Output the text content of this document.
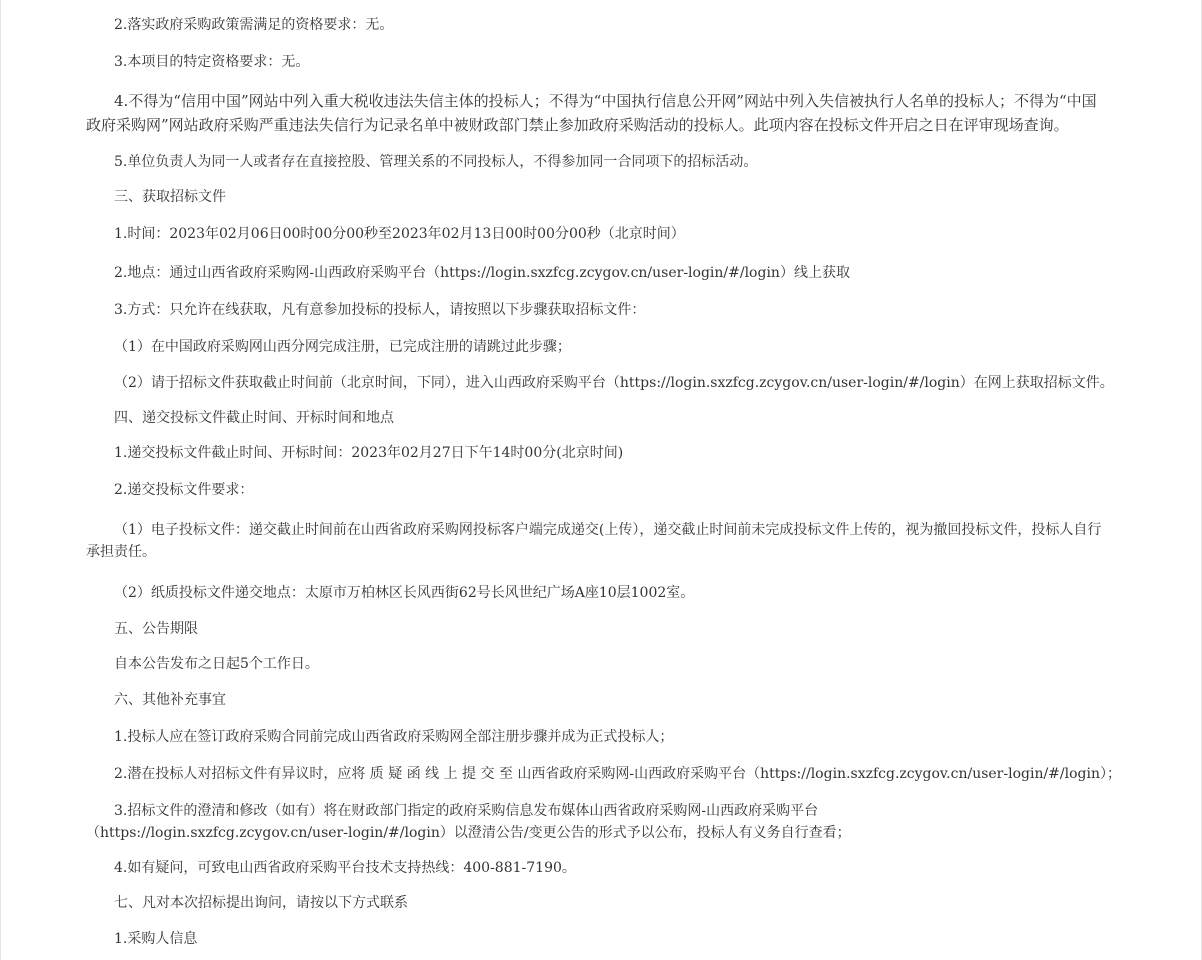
2.落实政府采购政策需满足的资格要求：无。
3.本项目的特定资格要求：无。
4.不得为“信用中国”网站中列入重大税收违法失信主体的投标人；不得为“中国执行信息公开网”网站中列入失信被执行人名单的投标人；不得为“中国政府采购网”网站政府采购严重违法失信行为记录名单中被财政部门禁止参加政府采购活动的投标人。此项内容在投标文件开启之日在评审现场查询。
5.单位负责人为同一人或者存在直接控股、管理关系的不同投标人，不得参加同一合同项下的招标活动。
三、获取招标文件
1.时间：2023年02月06日00时00分00秒至2023年02月13日00时00分00秒（北京时间）
2.地点：通过山西省政府采购网-山西政府采购平台（https://login.sxzfcg.zcygov.cn/user-login/#/login）线上获取
3.方式：只允许在线获取，凡有意参加投标的投标人，请按照以下步骤获取招标文件：
（1）在中国政府采购网山西分网完成注册，已完成注册的请跳过此步骤；
（2）请于招标文件获取截止时间前（北京时间，下同），进入山西政府采购平台（https://login.sxzfcg.zcygov.cn/user-login/#/login）在网上获取招标文件。
四、递交投标文件截止时间、开标时间和地点
1.递交投标文件截止时间、开标时间：2023年02月27日下午14时00分(北京时间)
2.递交投标文件要求：
（1）电子投标文件：递交截止时间前在山西省政府采购网投标客户端完成递交(上传），递交截止时间前未完成投标文件上传的，视为撤回投标文件，投标人自行承担责任。
（2）纸质投标文件递交地点：太原市万柏林区长风西街62号长风世纪广场A座10层1002室。
五、公告期限
自本公告发布之日起5个工作日。
六、其他补充事宜
1.投标人应在签订政府采购合同前完成山西省政府采购网全部注册步骤并成为正式投标人；
2.潜在投标人对招标文件有异议时，应将 质 疑 函 线 上 提 交 至 山西省政府采购网-山西政府采购平台（https://login.sxzfcg.zcygov.cn/user-login/#/login）；
3.招标文件的澄清和修改（如有）将在财政部门指定的政府采购信息发布媒体山西省政府采购网-山西政府采购平台（https://login.sxzfcg.zcygov.cn/user-login/#/login）以澄清公告/变更公告的形式予以公布，投标人有义务自行查看；
4.如有疑问，可致电山西省政府采购平台技术支持热线：400-881-7190。
七、凡对本次招标提出询问，请按以下方式联系
1.采购人信息
